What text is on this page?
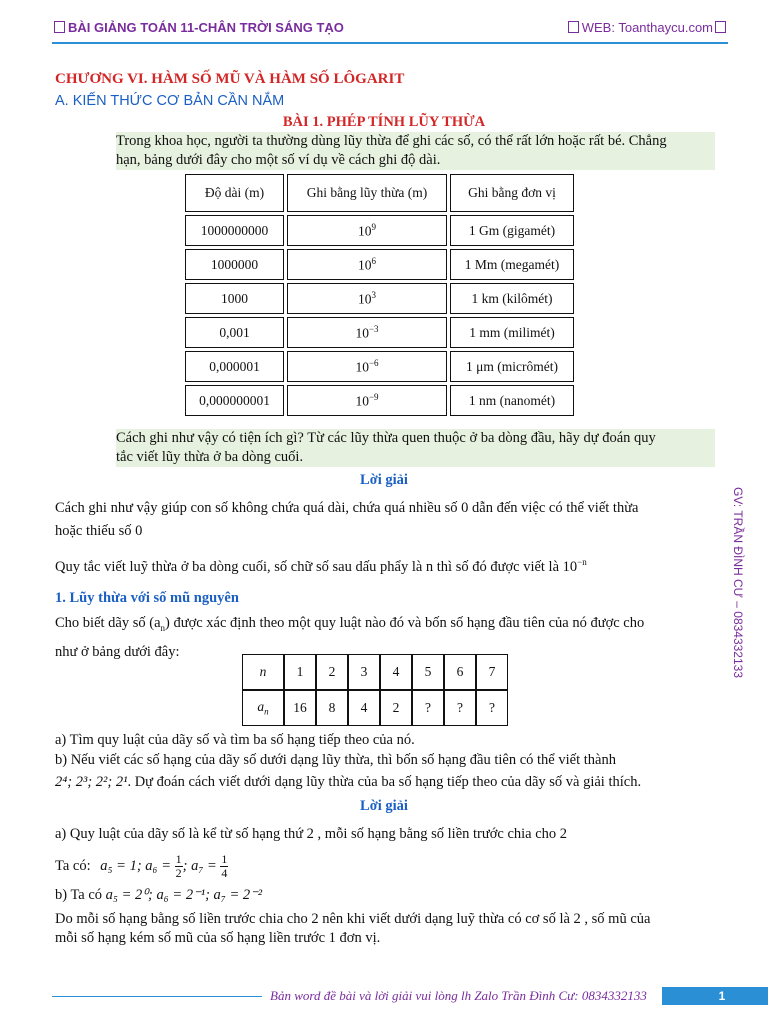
BÀI GIẢNG TOÁN 11-CHÂN TRỜI SÁNG TẠO	WEB: Toanthaycu.com
GV: TRẦN ĐÌNH CƯ – 0834332133
CHƯƠNG VI. HÀM SỐ MŨ VÀ HÀM SỐ LÔGARIT
A. KIẾN THỨC CƠ BẢN CẦN NẮM
BÀI 1. PHÉP TÍNH LŨY THỪA
Trong khoa học, người ta thường dùng lũy thừa để ghi các số, có thể rất lớn hoặc rất bé. Chẳng
hạn, bảng dưới đây cho một số ví dụ về cách ghi độ dài.
Độ dài (m)	Ghi bằng lũy thừa (m)	Ghi bằng đơn vị
1000000000	$10^9$	1 Gm (gigamét)
1000000	$10^6$	1 Mm (megamét)
1000	$10^3$	1 km (kilômét)
0,001	$10^{-3}$	1 mm (milimét)
0,000001	$10^{-6}$	1 μm (micrômét)
0,000000001	$10^{-9}$	1 nm (nanomét)
Cách ghi như vậy có tiện ích gì? Từ các lũy thừa quen thuộc ở ba dòng đầu, hãy dự đoán quy
tắc viết lũy thừa ở ba dòng cuối.
Lời giải
Cách ghi như vậy giúp con số không chứa quá dài, chứa quá nhiều số 0 dẫn đến việc có thể viết thừa
hoặc thiếu số 0
Quy tắc viết luỹ thừa ở ba dòng cuối, số chữ số sau dấu phẩy là n thì số đó được viết là $10^{-n}$
1. Lũy thừa với số mũ nguyên
Cho biết dãy số $(a_n)$ được xác định theo một quy luật nào đó và bốn số hạng đầu tiên của nó được cho
như ở bảng dưới đây:
n	1	2	3	4	5	6	7
$a_n$	16	8	4	2	?	?	?
a) Tìm quy luật của dãy số và tìm ba số hạng tiếp theo của nó.
b) Nếu viết các số hạng của dãy số dưới dạng lũy thừa, thì bốn số hạng đầu tiên có thể viết thành
2⁴; 2³; 2²; 2¹. Dự đoán cách viết dưới dạng lũy thừa của ba số hạng tiếp theo của dãy số và giải thích.
Lời giải
a) Quy luật của dãy số là kể từ số hạng thứ 2 , mỗi số hạng bằng số liền trước chia cho 2
Ta có: a₅ = 1; $a_6 = \frac{1}{2}$; $a_7 = \frac{1}{4}$
b) Ta có a₅ = 2⁰; a₆ = 2⁻¹; a₇ = 2⁻²
Do mỗi số hạng bằng số liền trước chia cho 2 nên khi viết dưới dạng luỹ thừa có cơ số là 2 , số mũ của
mỗi số hạng kém số mũ của số hạng liền trước 1 đơn vị.
Bản word đề bài và lời giải vui lòng lh Zalo Trần Đình Cư: 0834332133	1
